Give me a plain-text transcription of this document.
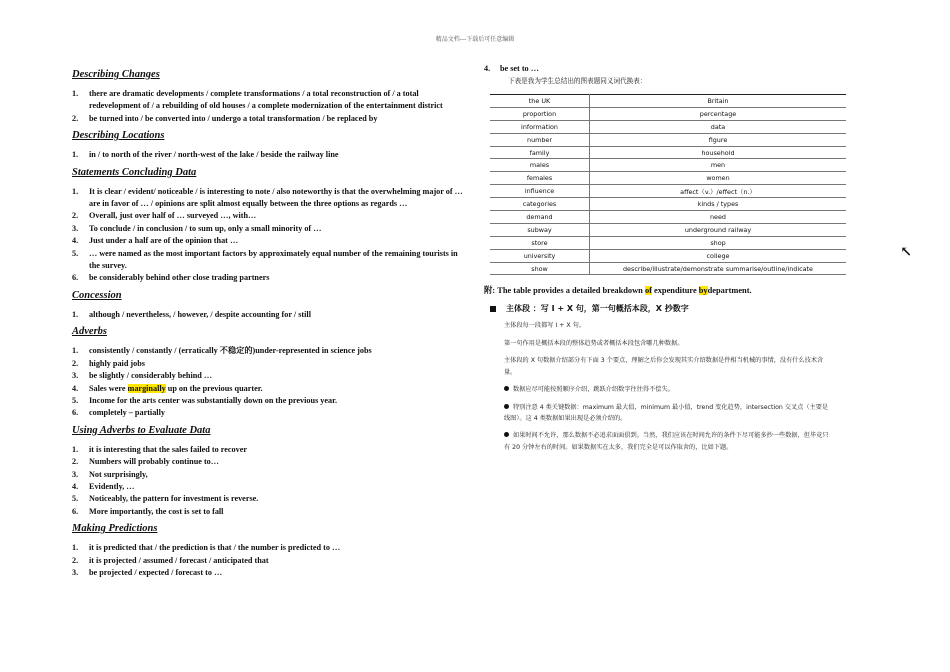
精品文档---下载后可任意编辑
Describing Changes
1. there are dramatic developments / complete transformations / a total reconstruction of / a total redevelopment of / a rebuilding of old houses / a complete modernization of the entertainment district
2. be turned into / be converted into / undergo a total transformation / be replaced by
Describing Locations
1. in / to north of the river / north-west of the lake / beside the railway line
Statements Concluding Data
1. It is clear / evident/ noticeable / is interesting to note / also noteworthy is that the overwhelming major of … are in favor of … / opinions are split almost equally between the three options as regards …
2. Overall, just over half of … surveyed …, with…
3. To conclude / in conclusion / to sum up, only a small minority of …
4. Just under a half are of the opinion that …
5. … were named as the most important factors by approximately equal number of the remaining tourists in the survey.
6. be considerably behind other close trading partners
Concession
1. although / nevertheless, / however, / despite accounting for / still
Adverbs
1. consistently / constantly / (erratically 不稳定的)under-represented in science jobs
2. highly paid jobs
3. be slightly / considerably behind …
4. Sales were marginally up on the previous quarter.
5. Income for the arts center was substantially down on the previous year.
6. completely – partially
Using Adverbs to Evaluate Data
1. it is interesting that the sales failed to recover
2. Numbers will probably continue to…
3. Not surprisingly,
4. Evidently, …
5. Noticeably, the pattern for investment is reverse.
6. More importantly, the cost is set to fall
Making Predictions
1. it is predicted that / the prediction is that / the number is predicted to …
2. it is projected / assumed / forecast / anticipated that
3. be projected / expected / forecast to …
4. be set to …
下表是我为学生总结出的图表题同义词代换表：
the UK	Britain
proportion	percentage
information	data
number	figure
family	household
males	men
females	women
influence	affect（v.）/effect（n.）
categories	kinds / types
demand	need
subway	underground railway
store	shop
university	college
show	describe/illustrate/demonstrate summarise/outline/indicate
附: The table provides a detailed breakdown of expenditure bydepartment.
主体段 ：写 I + X 句，第一句概括本段，X 抄数字
主体段每一段都写 I + X 句。
第一句作用是概括本段的整体趋势或者概括本段包含哪几种数据。
主体段的 X 句数据介绍部分有下面 3 个要点，理解之后你会发现其实介绍数据是件相当机械的事情，没有什么技术含量。
数据应尽可能按照顺序介绍，跳跃介绍数字往往得不偿失。
特别注意 4 类关键数据：maximum 最大值，minimum 最小值，trend 变化趋势，intersection 交叉点（主要是线图）。这 4 类数据如果出现是必须介绍的。
如果时间不允许，那么数据不必追求面面俱到。当然，我们应该在时间允许的条件下尽可能多抄一些数据，但毕竟只有 20 分钟左右的时间。如果数据实在太多，我们完全是可以作取舍的，比如下题。
↖
